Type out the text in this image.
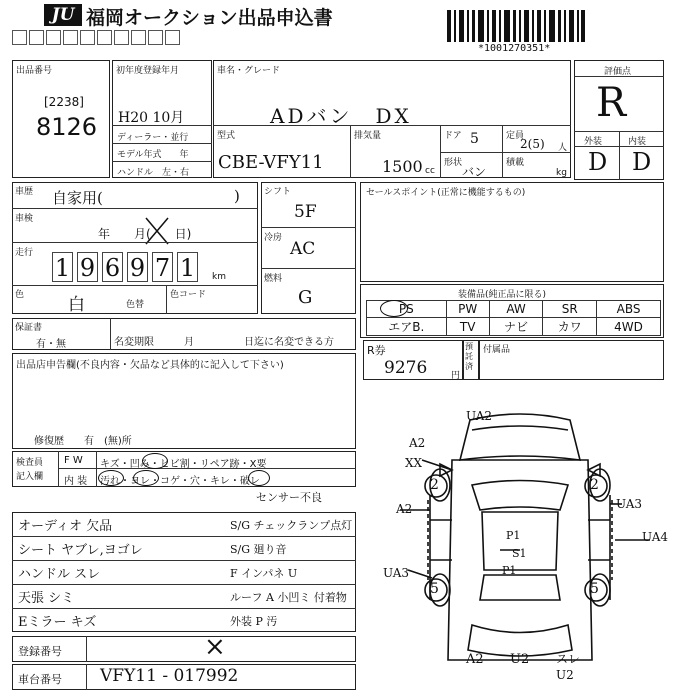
JU 福岡オークション出品申込書
*1001270351*
出品番号
[2238]
8126
初年度登録年月
H20 10月
ディーラー・並行
モデル年式　　年
ハンドル　左・右
車名・グレード
ADバン　DX
型式
CBE-VFY11
排気量
1500 cc
ドア 5	定員
2(5) 人
形状
バン
積載
kg
評価点
R
外装	内装
D D
車歴 自家用(	)
車検
年　　月(　　日)
走行
1 9 6 9 7 1	km
色	白	色替
色コード
シフト
5F
冷房
AC
燃料
G
セールスポイント(正常に機能するもの)
装備品(純正品に限る)
PS	PW	AW	SR	ABS
エアB.	TV	ナビ	カワ	4WD
保証書
有・無	名変期限　　　月	日迄に名変できる方
出品店申告欄(不良内容・欠品など具体的に記入して下さい)
修復歴　　有　(無)所
R券
9276	円
預託済
付属品
検査員
記入欄
F W キズ・凹み・ヒビ割・リペア跡・X要
内 装 汚れ・ヨレ・コゲ・穴・キレ・破レ
センサー不良
オーディオ 欠品	S/G チェックランプ点灯
シート ヤブレ,ヨゴレ	S/G 廻り音
ハンドル スレ	F インパネ U
天張 シミ	ルーフ A 小凹ミ 付着物
Eミラー キズ	外装 P 汚
登録番号	×
車台番号 VFY11 - 017992
UA2
A2
XX
A2
UA3
UA3
UA4
2	2
5	5
P1
S1
P1
A2 U2 スレ
U2
